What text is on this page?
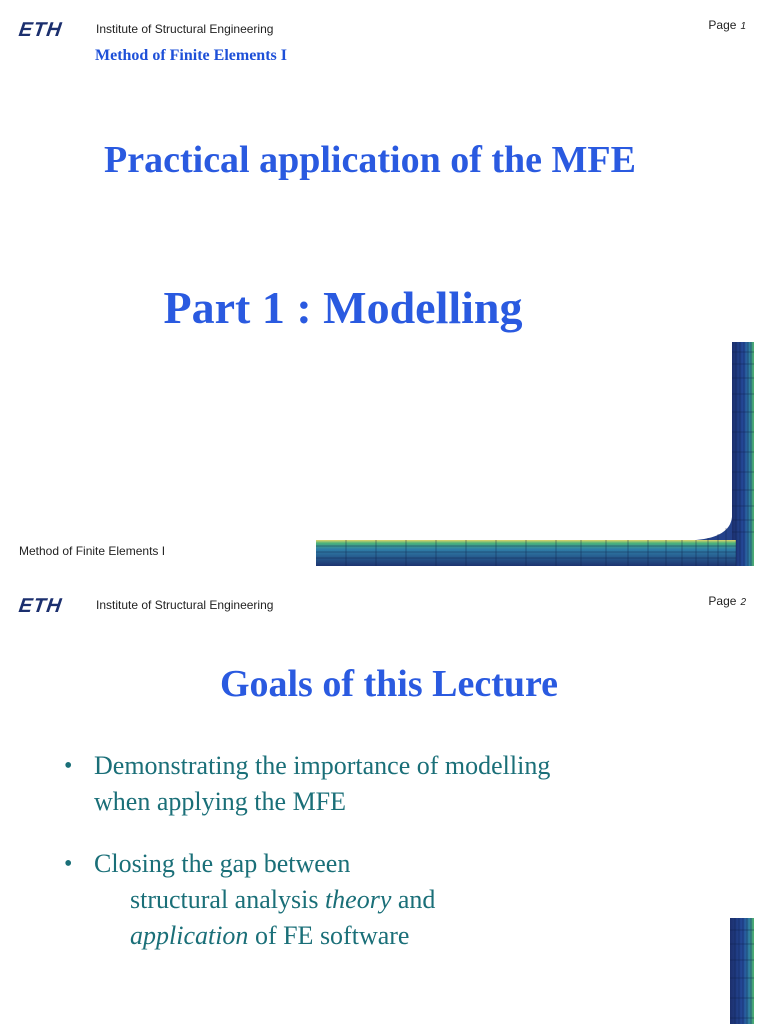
ETH	Institute of Structural Engineering	Page 1
Method of Finite Elements I
Practical application of the MFE
Part 1 : Modelling
Method of Finite Elements I
ETH	Institute of Structural Engineering	Page 2
Goals of this Lecture
• Demonstrating the importance of modelling
when applying the MFE
• Closing the gap between
structural analysis theory and
application of FE software
